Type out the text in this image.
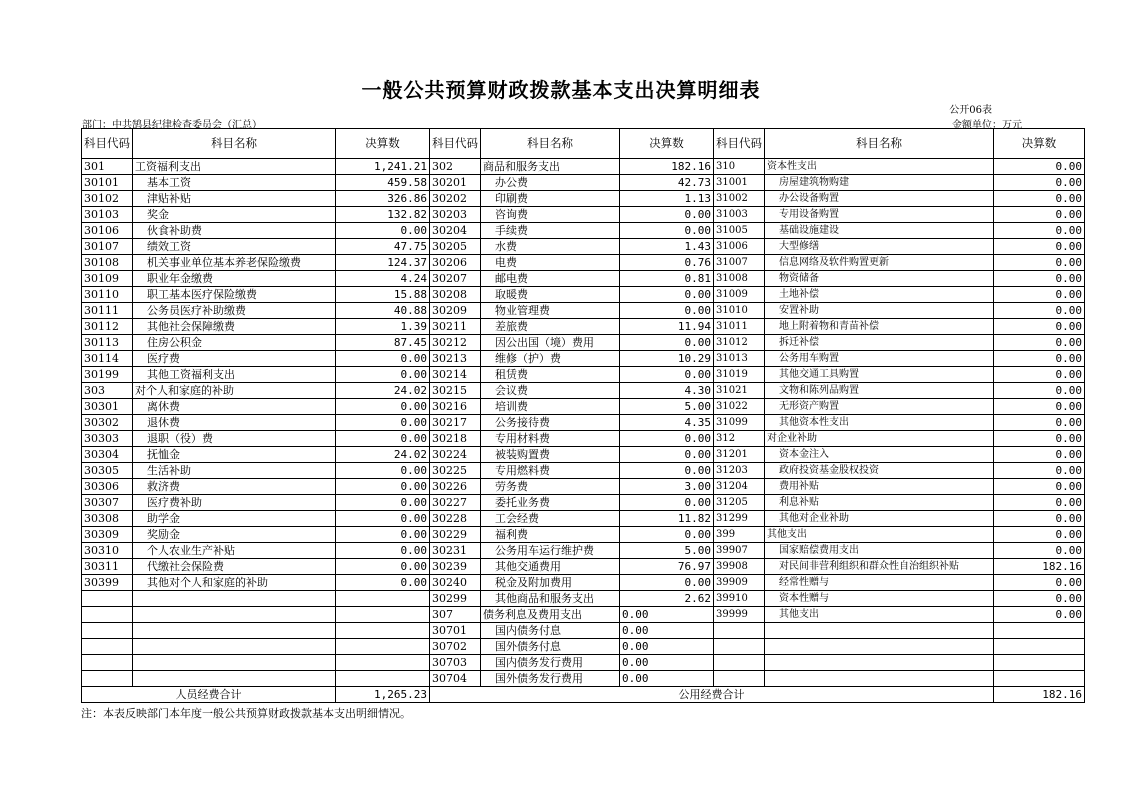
一般公共预算财政拨款基本支出决算明细表
公开06表
部门：中共鹄县纪律检查委员会（汇总）	金额单位：万元
科目代码	科目名称	决算数	科目代码	科目名称	决算数	科目代码	科目名称	决算数
301	工资福利支出	1,241.21	302	商品和服务支出	182.16	310	资本性支出	0.00
30101	基本工资	459.58	30201	办公费	42.73	31001	房屋建筑物购建	0.00
30102	津贴补贴	326.86	30202	印刷费	1.13	31002	办公设备购置	0.00
30103	奖金	132.82	30203	咨询费	0.00	31003	专用设备购置	0.00
30106	伙食补助费	0.00	30204	手续费	0.00	31005	基础设施建设	0.00
30107	绩效工资	47.75	30205	水费	1.43	31006	大型修缮	0.00
30108	机关事业单位基本养老保险缴费	124.37	30206	电费	0.76	31007	信息网络及软件购置更新	0.00
30109	职业年金缴费	4.24	30207	邮电费	0.81	31008	物资储备	0.00
30110	职工基本医疗保险缴费	15.88	30208	取暖费	0.00	31009	土地补偿	0.00
30111	公务员医疗补助缴费	40.88	30209	物业管理费	0.00	31010	安置补助	0.00
30112	其他社会保障缴费	1.39	30211	差旅费	11.94	31011	地上附着物和青苗补偿	0.00
30113	住房公积金	87.45	30212	因公出国（境）费用	0.00	31012	拆迁补偿	0.00
30114	医疗费	0.00	30213	维修（护）费	10.29	31013	公务用车购置	0.00
30199	其他工资福利支出	0.00	30214	租赁费	0.00	31019	其他交通工具购置	0.00
303	对个人和家庭的补助	24.02	30215	会议费	4.30	31021	文物和陈列品购置	0.00
30301	离休费	0.00	30216	培训费	5.00	31022	无形资产购置	0.00
30302	退休费	0.00	30217	公务接待费	4.35	31099	其他资本性支出	0.00
30303	退职（役）费	0.00	30218	专用材料费	0.00	312	对企业补助	0.00
30304	抚恤金	24.02	30224	被装购置费	0.00	31201	资本金注入	0.00
30305	生活补助	0.00	30225	专用燃料费	0.00	31203	政府投资基金股权投资	0.00
30306	救济费	0.00	30226	劳务费	3.00	31204	费用补贴	0.00
30307	医疗费补助	0.00	30227	委托业务费	0.00	31205	利息补贴	0.00
30308	助学金	0.00	30228	工会经费	11.82	31299	其他对企业补助	0.00
30309	奖励金	0.00	30229	福利费	0.00	399	其他支出	0.00
30310	个人农业生产补贴	0.00	30231	公务用车运行维护费	5.00	39907	国家赔偿费用支出	0.00
30311	代缴社会保险费	0.00	30239	其他交通费用	76.97	39908	对民间非营利组织和群众性自治组织补贴	182.16
30399	其他对个人和家庭的补助	0.00	30240	税金及附加费用	0.00	39909	经常性赠与	0.00
			30299	其他商品和服务支出	2.62	39910	资本性赠与	0.00
			307	债务利息及费用支出	0.00	39999	其他支出	0.00
			30701	国内债务付息	0.00			
			30702	国外债务付息	0.00			
			30703	国内债务发行费用	0.00			
			30704	国外债务发行费用	0.00			
人员经费合计		1,265.23	公用经费合计					182.16
注：本表反映部门本年度一般公共预算财政拨款基本支出明细情况。
